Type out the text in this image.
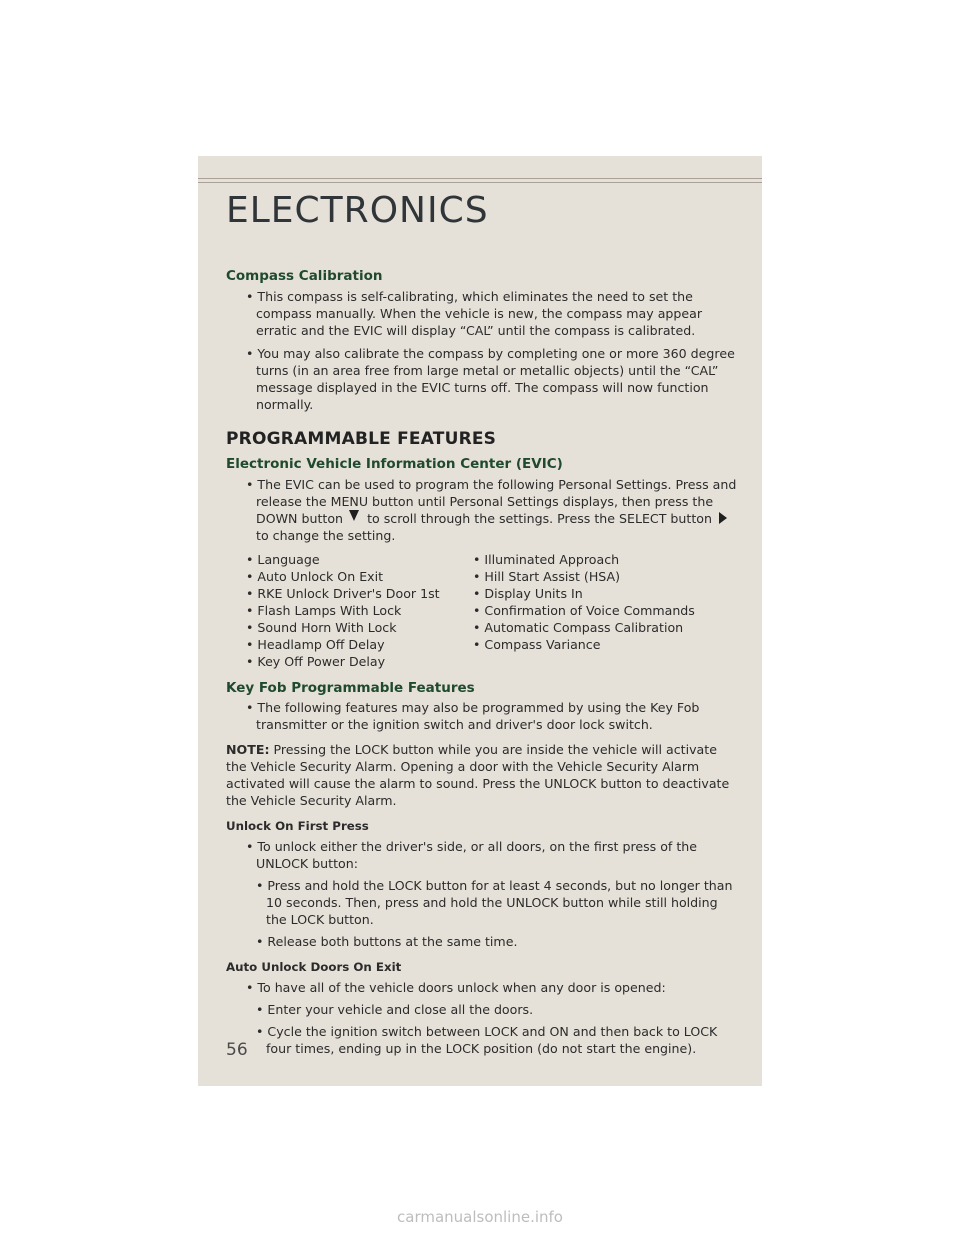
ELECTRONICS
Compass Calibration
• This compass is self-calibrating, which eliminates the need to set the compass manually. When the vehicle is new, the compass may appear erratic and the EVIC will display “CAL” until the compass is calibrated.
• You may also calibrate the compass by completing one or more 360 degree turns (in an area free from large metal or metallic objects) until the “CAL” message displayed in the EVIC turns off. The compass will now function normally.
PROGRAMMABLE FEATURES
Electronic Vehicle Information Center (EVIC)
• The EVIC can be used to program the following Personal Settings. Press and release the MENU button until Personal Settings displays, then press the DOWN button to scroll through the settings. Press the SELECT button  to change the setting.
• Language
• Auto Unlock On Exit
• RKE Unlock Driver's Door 1st
• Flash Lamps With Lock
• Sound Horn With Lock
• Headlamp Off Delay
• Key Off Power Delay
• Illuminated Approach
• Hill Start Assist (HSA)
• Display Units In
• Confirmation of Voice Commands
• Automatic Compass Calibration
• Compass Variance
Key Fob Programmable Features
• The following features may also be programmed by using the Key Fob transmitter or the ignition switch and driver's door lock switch.
NOTE: Pressing the LOCK button while you are inside the vehicle will activate the Vehicle Security Alarm. Opening a door with the Vehicle Security Alarm activated will cause the alarm to sound. Press the UNLOCK button to deactivate the Vehicle Security Alarm.
Unlock On First Press
• To unlock either the driver's side, or all doors, on the first press of the UNLOCK button:
• Press and hold the LOCK button for at least 4 seconds, but no longer than 10 seconds. Then, press and hold the UNLOCK button while still holding the LOCK button.
• Release both buttons at the same time.
Auto Unlock Doors On Exit
• To have all of the vehicle doors unlock when any door is opened:
• Enter your vehicle and close all the doors.
• Cycle the ignition switch between LOCK and ON and then back to LOCK four times, ending up in the LOCK position (do not start the engine).
56
carmanualsonline.info
